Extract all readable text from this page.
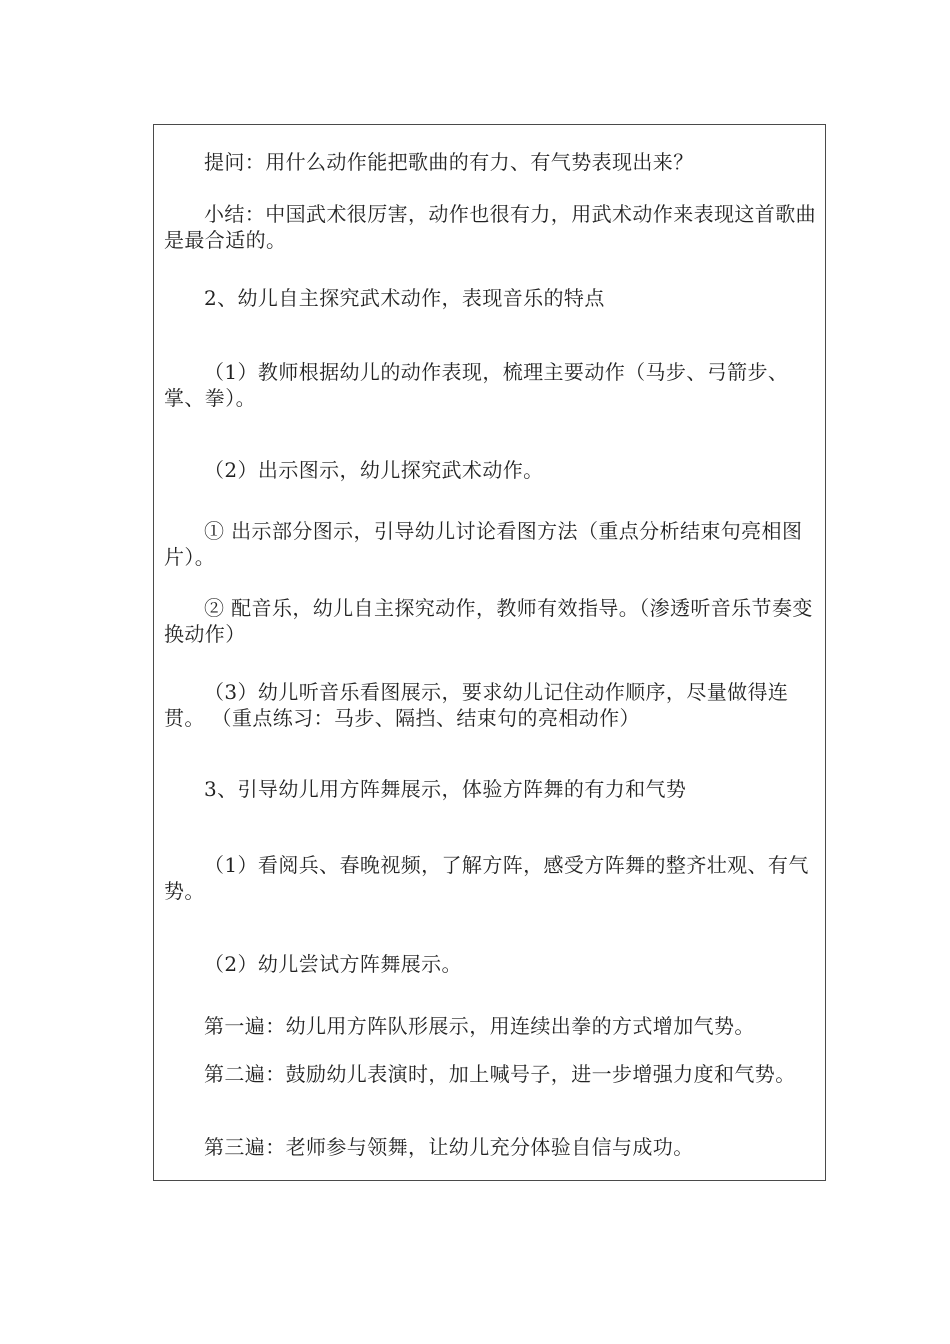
提问：用什么动作能把歌曲的有力、有气势表现出来？

小结：中国武术很厉害，动作也很有力，用武术动作来表现这首歌曲是最合适的。

2、幼儿自主探究武术动作，表现音乐的特点

（1）教师根据幼儿的动作表现，梳理主要动作（马步、弓箭步、掌、拳）。

（2）出示图示，幼儿探究武术动作。

① 出示部分图示，引导幼儿讨论看图方法（重点分析结束句亮相图片）。

② 配音乐，幼儿自主探究动作，教师有效指导。（渗透听音乐节奏变换动作）

（3）幼儿听音乐看图展示，要求幼儿记住动作顺序，尽量做得连贯。 （重点练习：马步、隔挡、结束句的亮相动作）

3、引导幼儿用方阵舞展示，体验方阵舞的有力和气势

（1）看阅兵、春晚视频，了解方阵，感受方阵舞的整齐壮观、有气势。

（2）幼儿尝试方阵舞展示。

第一遍：幼儿用方阵队形展示，用连续出拳的方式增加气势。

第二遍：鼓励幼儿表演时，加上喊号子，进一步增强力度和气势。

第三遍：老师参与领舞，让幼儿充分体验自信与成功。
